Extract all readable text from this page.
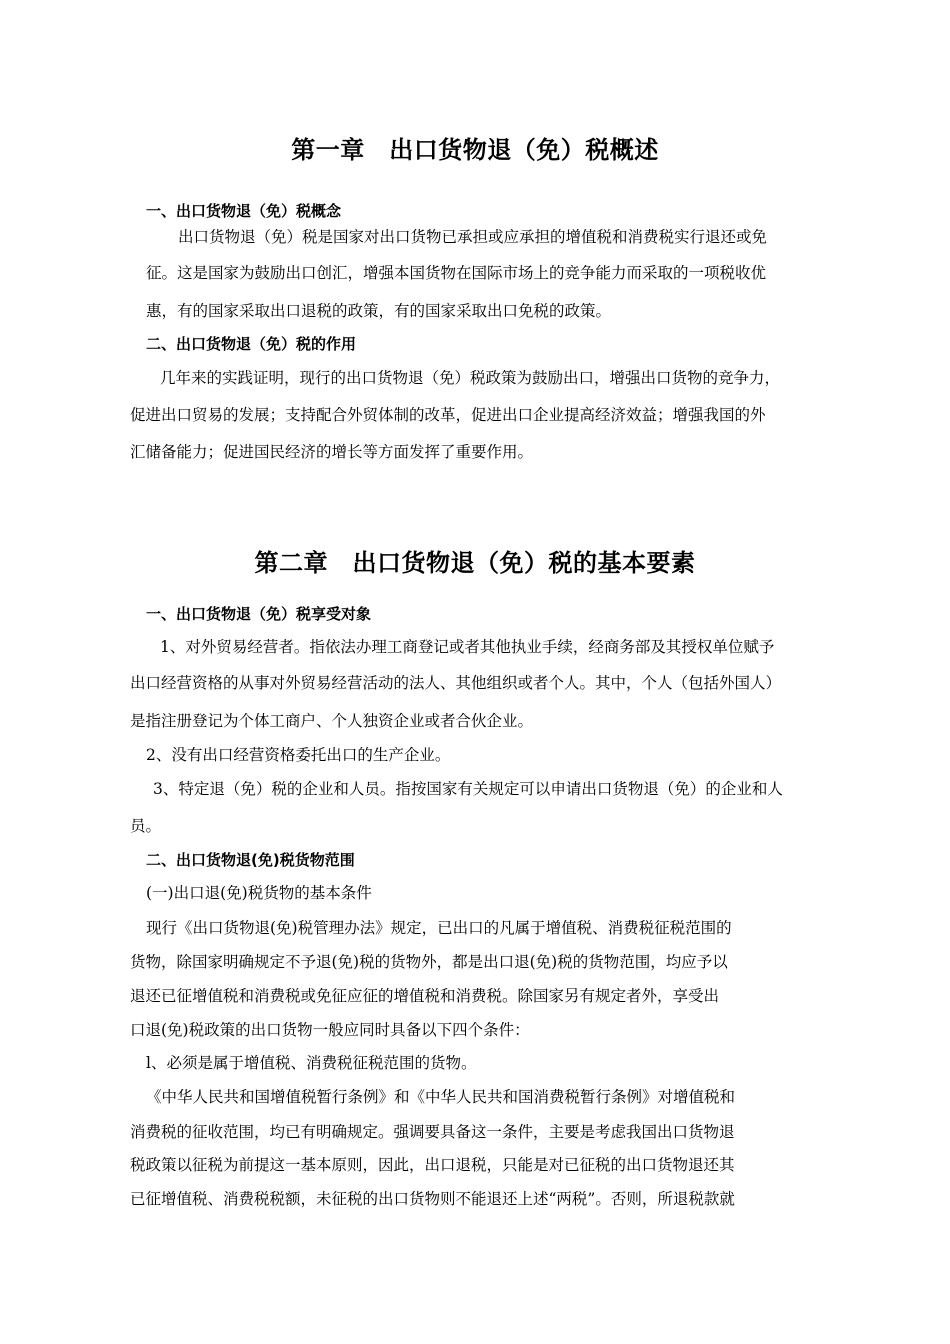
第一章　出口货物退（免）税概述
一、出口货物退（免）税概念
出口货物退（免）税是国家对出口货物已承担或应承担的增值税和消费税实行退还或免
征。这是国家为鼓励出口创汇，增强本国货物在国际市场上的竞争能力而采取的一项税收优
惠，有的国家采取出口退税的政策，有的国家采取出口免税的政策。
二、出口货物退（免）税的作用
几年来的实践证明，现行的出口货物退（免）税政策为鼓励出口，增强出口货物的竞争力，
促进出口贸易的发展；支持配合外贸体制的改革，促进出口企业提高经济效益；增强我国的外
汇储备能力；促进国民经济的增长等方面发挥了重要作用。
第二章　出口货物退（免）税的基本要素
一、出口货物退（免）税享受对象
1、对外贸易经营者。指依法办理工商登记或者其他执业手续，经商务部及其授权单位赋予
出口经营资格的从事对外贸易经营活动的法人、其他组织或者个人。其中，个人（包括外国人）
是指注册登记为个体工商户、个人独资企业或者合伙企业。
2、没有出口经营资格委托出口的生产企业。
3、特定退（免）税的企业和人员。指按国家有关规定可以申请出口货物退（免）的企业和人
员。
二、出口货物退(免)税货物范围
(一)出口退(免)税货物的基本条件
现行《出口货物退(免)税管理办法》规定，已出口的凡属于增值税、消费税征税范围的
货物，除国家明确规定不予退(免)税的货物外，都是出口退(免)税的货物范围，均应予以
退还已征增值税和消费税或免征应征的增值税和消费税。除国家另有规定者外，享受出
口退(免)税政策的出口货物一般应同时具备以下四个条件：
l、必须是属于增值税、消费税征税范围的货物。
《中华人民共和国增值税暂行条例》和《中华人民共和国消费税暂行条例》对增值税和
消费税的征收范围，均已有明确规定。强调要具备这一条件，主要是考虑我国出口货物退
税政策以征税为前提这一基本原则，因此，出口退税，只能是对已征税的出口货物退还其
已征增值税、消费税税额，未征税的出口货物则不能退还上述“两税”。否则，所退税款就
